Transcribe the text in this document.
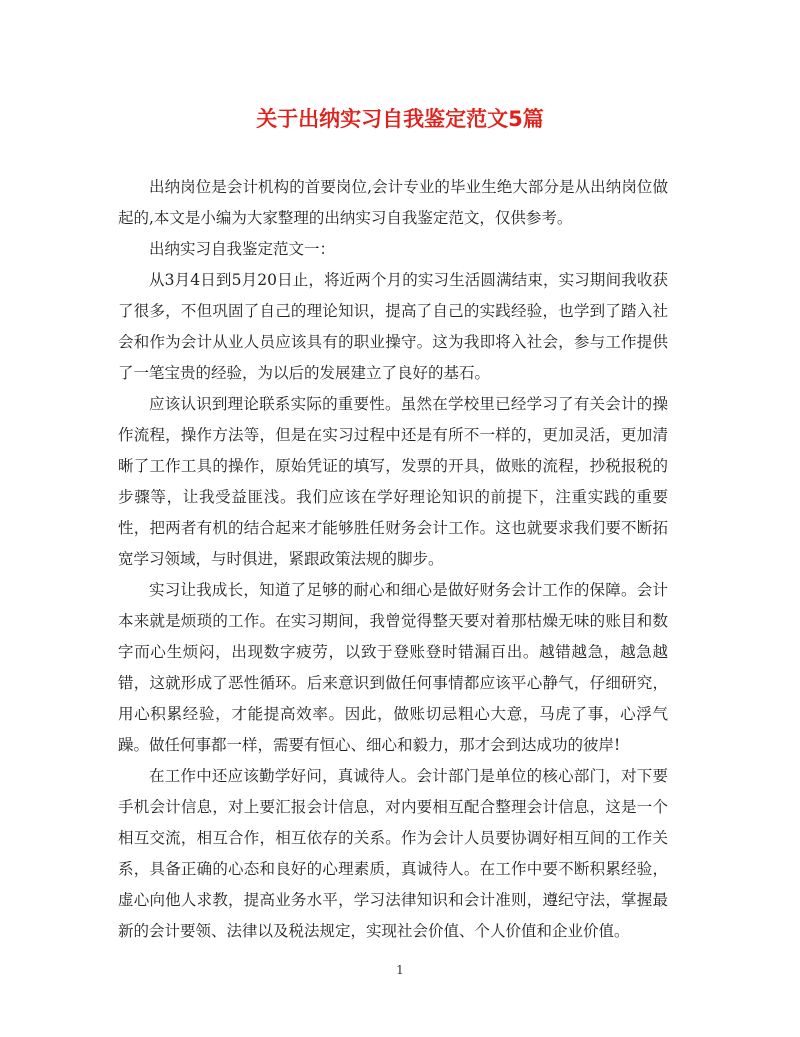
关于出纳实习自我鉴定范文5篇

出纳岗位是会计机构的首要岗位,会计专业的毕业生绝大部分是从出纳岗位做起的,本文是小编为大家整理的出纳实习自我鉴定范文，仅供参考。

出纳实习自我鉴定范文一：

从3月4日到5月20日止，将近两个月的实习生活圆满结束，实习期间我收获了很多，不但巩固了自己的理论知识，提高了自己的实践经验，也学到了踏入社会和作为会计从业人员应该具有的职业操守。这为我即将入社会，参与工作提供了一笔宝贵的经验，为以后的发展建立了良好的基石。

应该认识到理论联系实际的重要性。虽然在学校里已经学习了有关会计的操作流程，操作方法等，但是在实习过程中还是有所不一样的，更加灵活，更加清晰了工作工具的操作，原始凭证的填写，发票的开具，做账的流程，抄税报税的步骤等，让我受益匪浅。我们应该在学好理论知识的前提下，注重实践的重要性，把两者有机的结合起来才能够胜任财务会计工作。这也就要求我们要不断拓宽学习领域，与时俱进，紧跟政策法规的脚步。

实习让我成长，知道了足够的耐心和细心是做好财务会计工作的保障。会计本来就是烦琐的工作。在实习期间，我曾觉得整天要对着那枯燥无味的账目和数字而心生烦闷，出现数字疲劳，以致于登账登时错漏百出。越错越急，越急越错，这就形成了恶性循环。后来意识到做任何事情都应该平心静气，仔细研究，用心积累经验，才能提高效率。因此，做账切忌粗心大意，马虎了事，心浮气躁。做任何事都一样，需要有恒心、细心和毅力，那才会到达成功的彼岸!

在工作中还应该勤学好问，真诚待人。会计部门是单位的核心部门，对下要手机会计信息，对上要汇报会计信息，对内要相互配合整理会计信息，这是一个相互交流，相互合作，相互依存的关系。作为会计人员要协调好相互间的工作关系，具备正确的心态和良好的心理素质，真诚待人。在工作中要不断积累经验，虚心向他人求教，提高业务水平，学习法律知识和会计准则，遵纪守法，掌握最新的会计要领、法律以及税法规定，实现社会价值、个人价值和企业价值。

1
